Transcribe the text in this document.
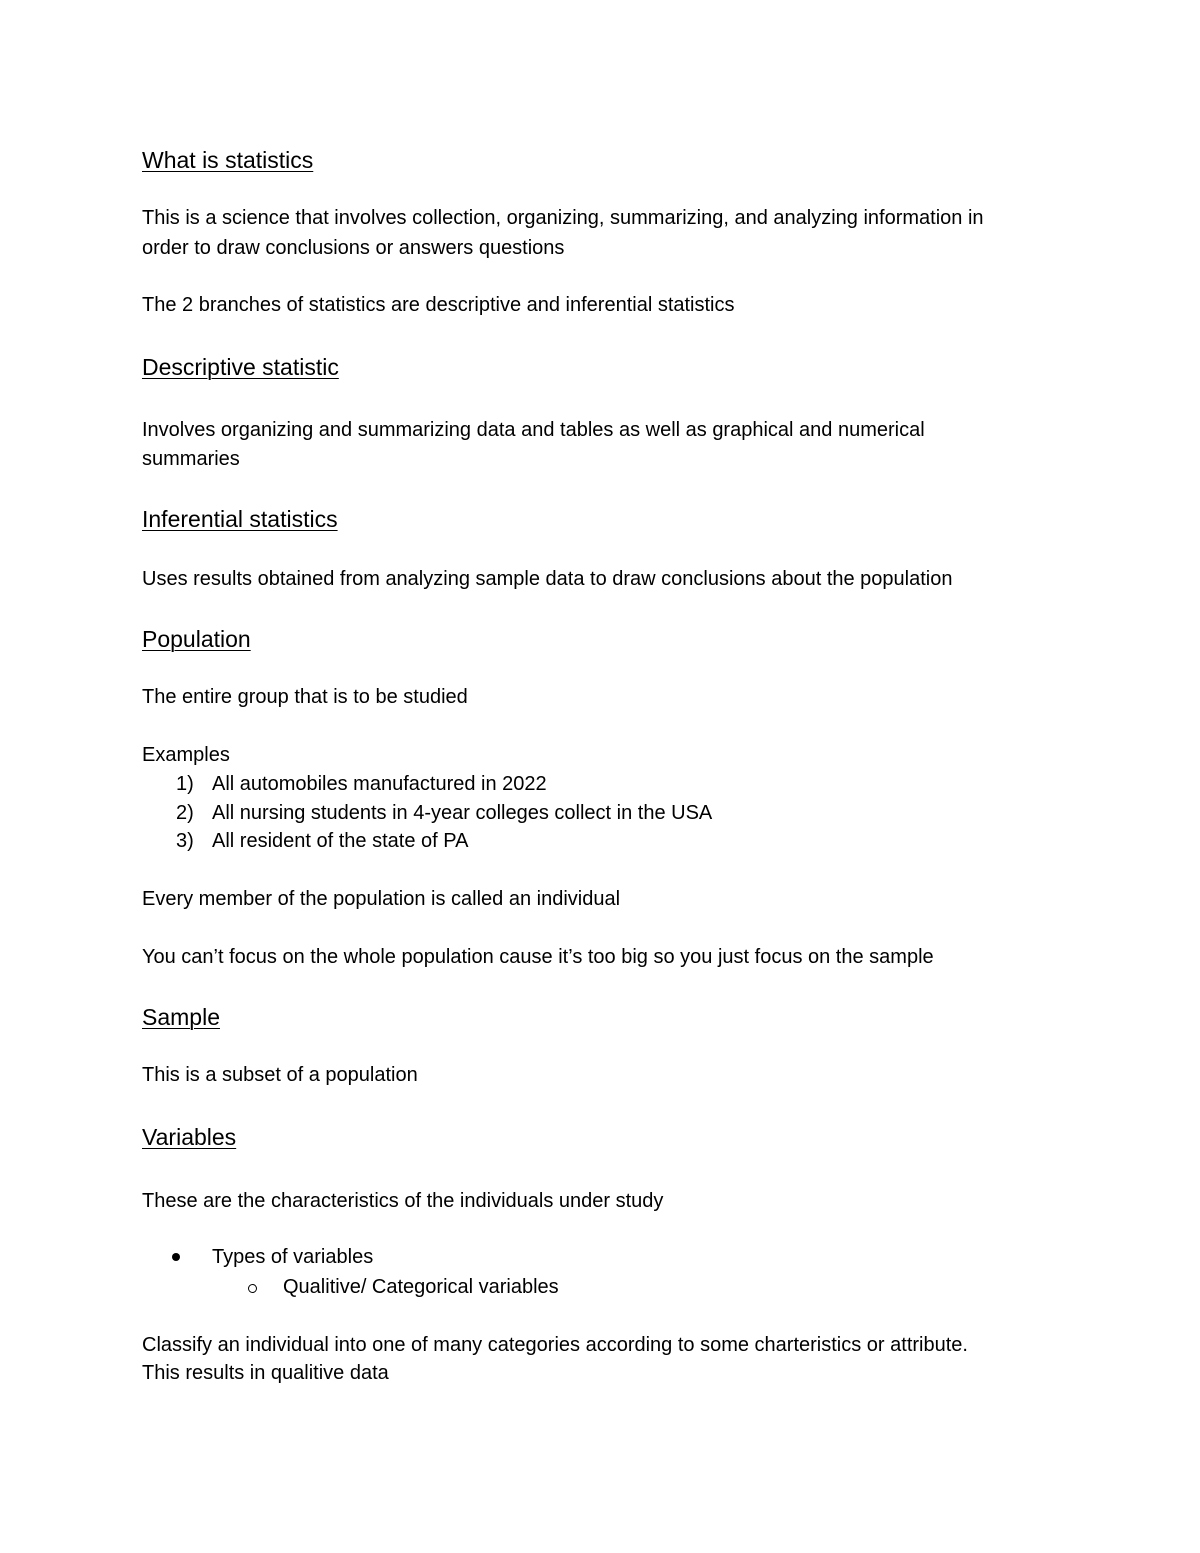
What is statistics

This is a science that involves collection, organizing, summarizing, and analyzing information in

order to draw conclusions or answers questions

The 2 branches of statistics are descriptive and inferential statistics

Descriptive statistic

Involves organizing and summarizing data and tables as well as graphical and numerical

summaries

Inferential statistics

Uses results obtained from analyzing sample data to draw conclusions about the population

Population

The entire group that is to be studied

Examples

1) All automobiles manufactured in 2022
2) All nursing students in 4-year colleges collect in the USA
3) All resident of the state of PA

Every member of the population is called an individual

You can’t focus on the whole population cause it’s too big so you just focus on the sample

Sample

This is a subset of a population

Variables

These are the characteristics of the individuals under study

Types of variables
Qualitive/ Categorical variables

Classify an individual into one of many categories according to some charteristics or attribute.

This results in qualitive data
